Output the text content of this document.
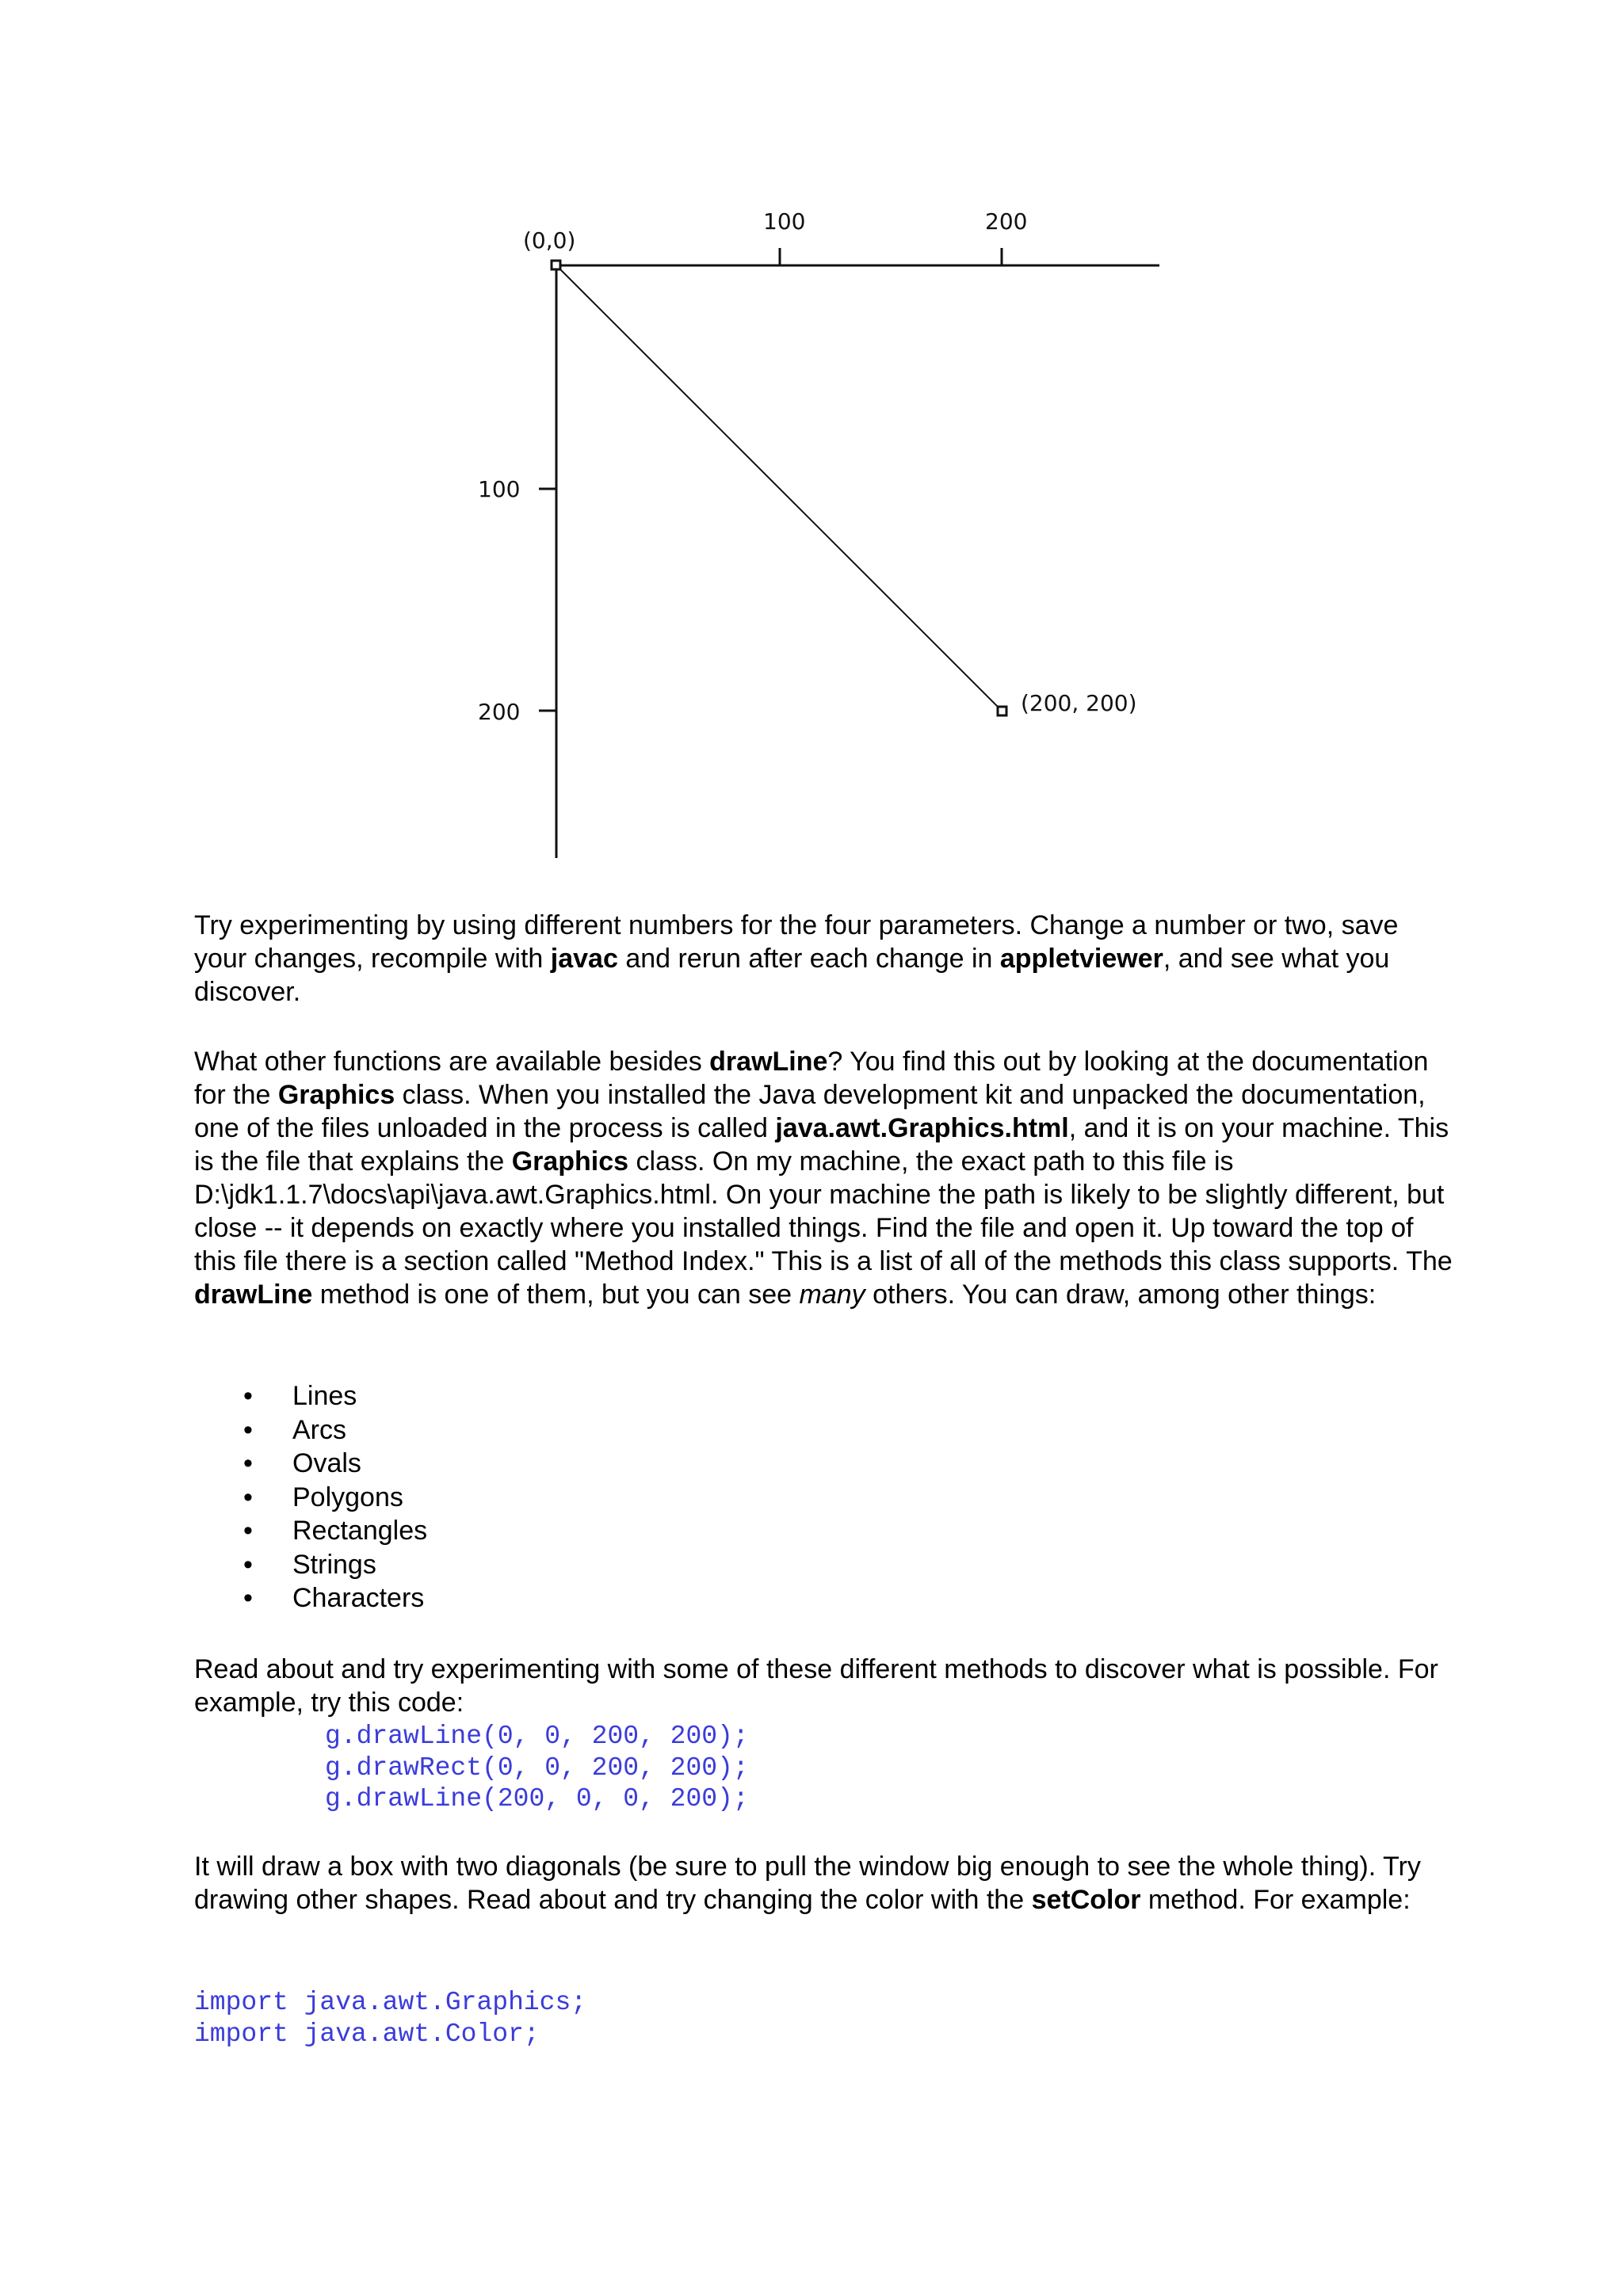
(0,0)
100	200
100
200	(200, 200)

Try experimenting by using different numbers for the four parameters. Change a number or two, save your changes, recompile with javac and rerun after each change in appletviewer, and see what you discover.

What other functions are available besides drawLine? You find this out by looking at the documentation for the Graphics class. When you installed the Java development kit and unpacked the documentation, one of the files unloaded in the process is called java.awt.Graphics.html, and it is on your machine. This is the file that explains the Graphics class. On my machine, the exact path to this file is D:\jdk1.1.7\docs\api\java.awt.Graphics.html. On your machine the path is likely to be slightly different, but close -- it depends on exactly where you installed things. Find the file and open it. Up toward the top of this file there is a section called "Method Index." This is a list of all of the methods this class supports. The drawLine method is one of them, but you can see many others. You can draw, among other things:

• Lines
• Arcs
• Ovals
• Polygons
• Rectangles
• Strings
• Characters

Read about and try experimenting with some of these different methods to discover what is possible. For example, try this code:

g.drawLine(0, 0, 200, 200);
g.drawRect(0, 0, 200, 200);
g.drawLine(200, 0, 0, 200);

It will draw a box with two diagonals (be sure to pull the window big enough to see the whole thing). Try drawing other shapes. Read about and try changing the color with the setColor method. For example:

import java.awt.Graphics;
import java.awt.Color;
